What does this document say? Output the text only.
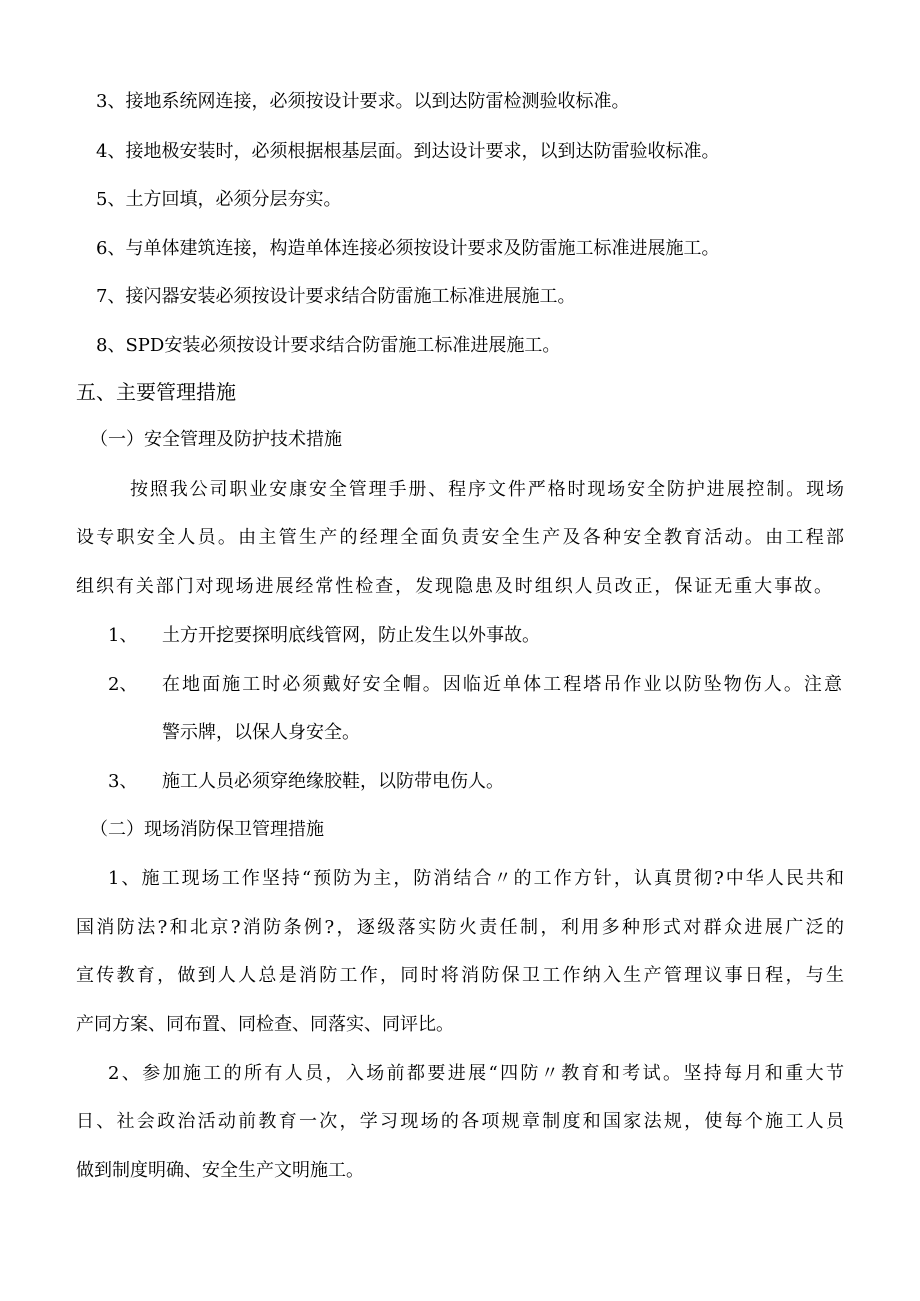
3、接地系统网连接，必须按设计要求。以到达防雷检测验收标准。
4、接地极安装时，必须根据根基层面。到达设计要求，以到达防雷验收标准。
5、土方回填，必须分层夯实。
6、与单体建筑连接，构造单体连接必须按设计要求及防雷施工标准进展施工。
7、接闪器安装必须按设计要求结合防雷施工标准进展施工。
8、SPD安装必须按设计要求结合防雷施工标准进展施工。
五、主要管理措施
（一）安全管理及防护技术措施
按照我公司职业安康安全管理手册、程序文件严格时现场安全防护进展控制。现场
设专职安全人员。由主管生产的经理全面负责安全生产及各种安全教育活动。由工程部
组织有关部门对现场进展经常性检查，发现隐患及时组织人员改正，保证无重大事故。
1、 土方开挖要探明底线管网，防止发生以外事故。
2、 在地面施工时必须戴好安全帽。因临近单体工程塔吊作业以防坠物伤人。注意
警示牌，以保人身安全。
3、 施工人员必须穿绝缘胶鞋，以防带电伤人。
（二）现场消防保卫管理措施
1、施工现场工作坚持“预防为主，防消结合〃的工作方针，认真贯彻?中华人民共和
国消防法?和北京?消防条例?，逐级落实防火责任制，利用多种形式对群众进展广泛的
宣传教育，做到人人总是消防工作，同时将消防保卫工作纳入生产管理议事日程，与生
产同方案、同布置、同检查、同落实、同评比。
2、参加施工的所有人员，入场前都要进展“四防〃教育和考试。坚持每月和重大节
日、社会政治活动前教育一次，学习现场的各项规章制度和国家法规，使每个施工人员
做到制度明确、安全生产文明施工。
